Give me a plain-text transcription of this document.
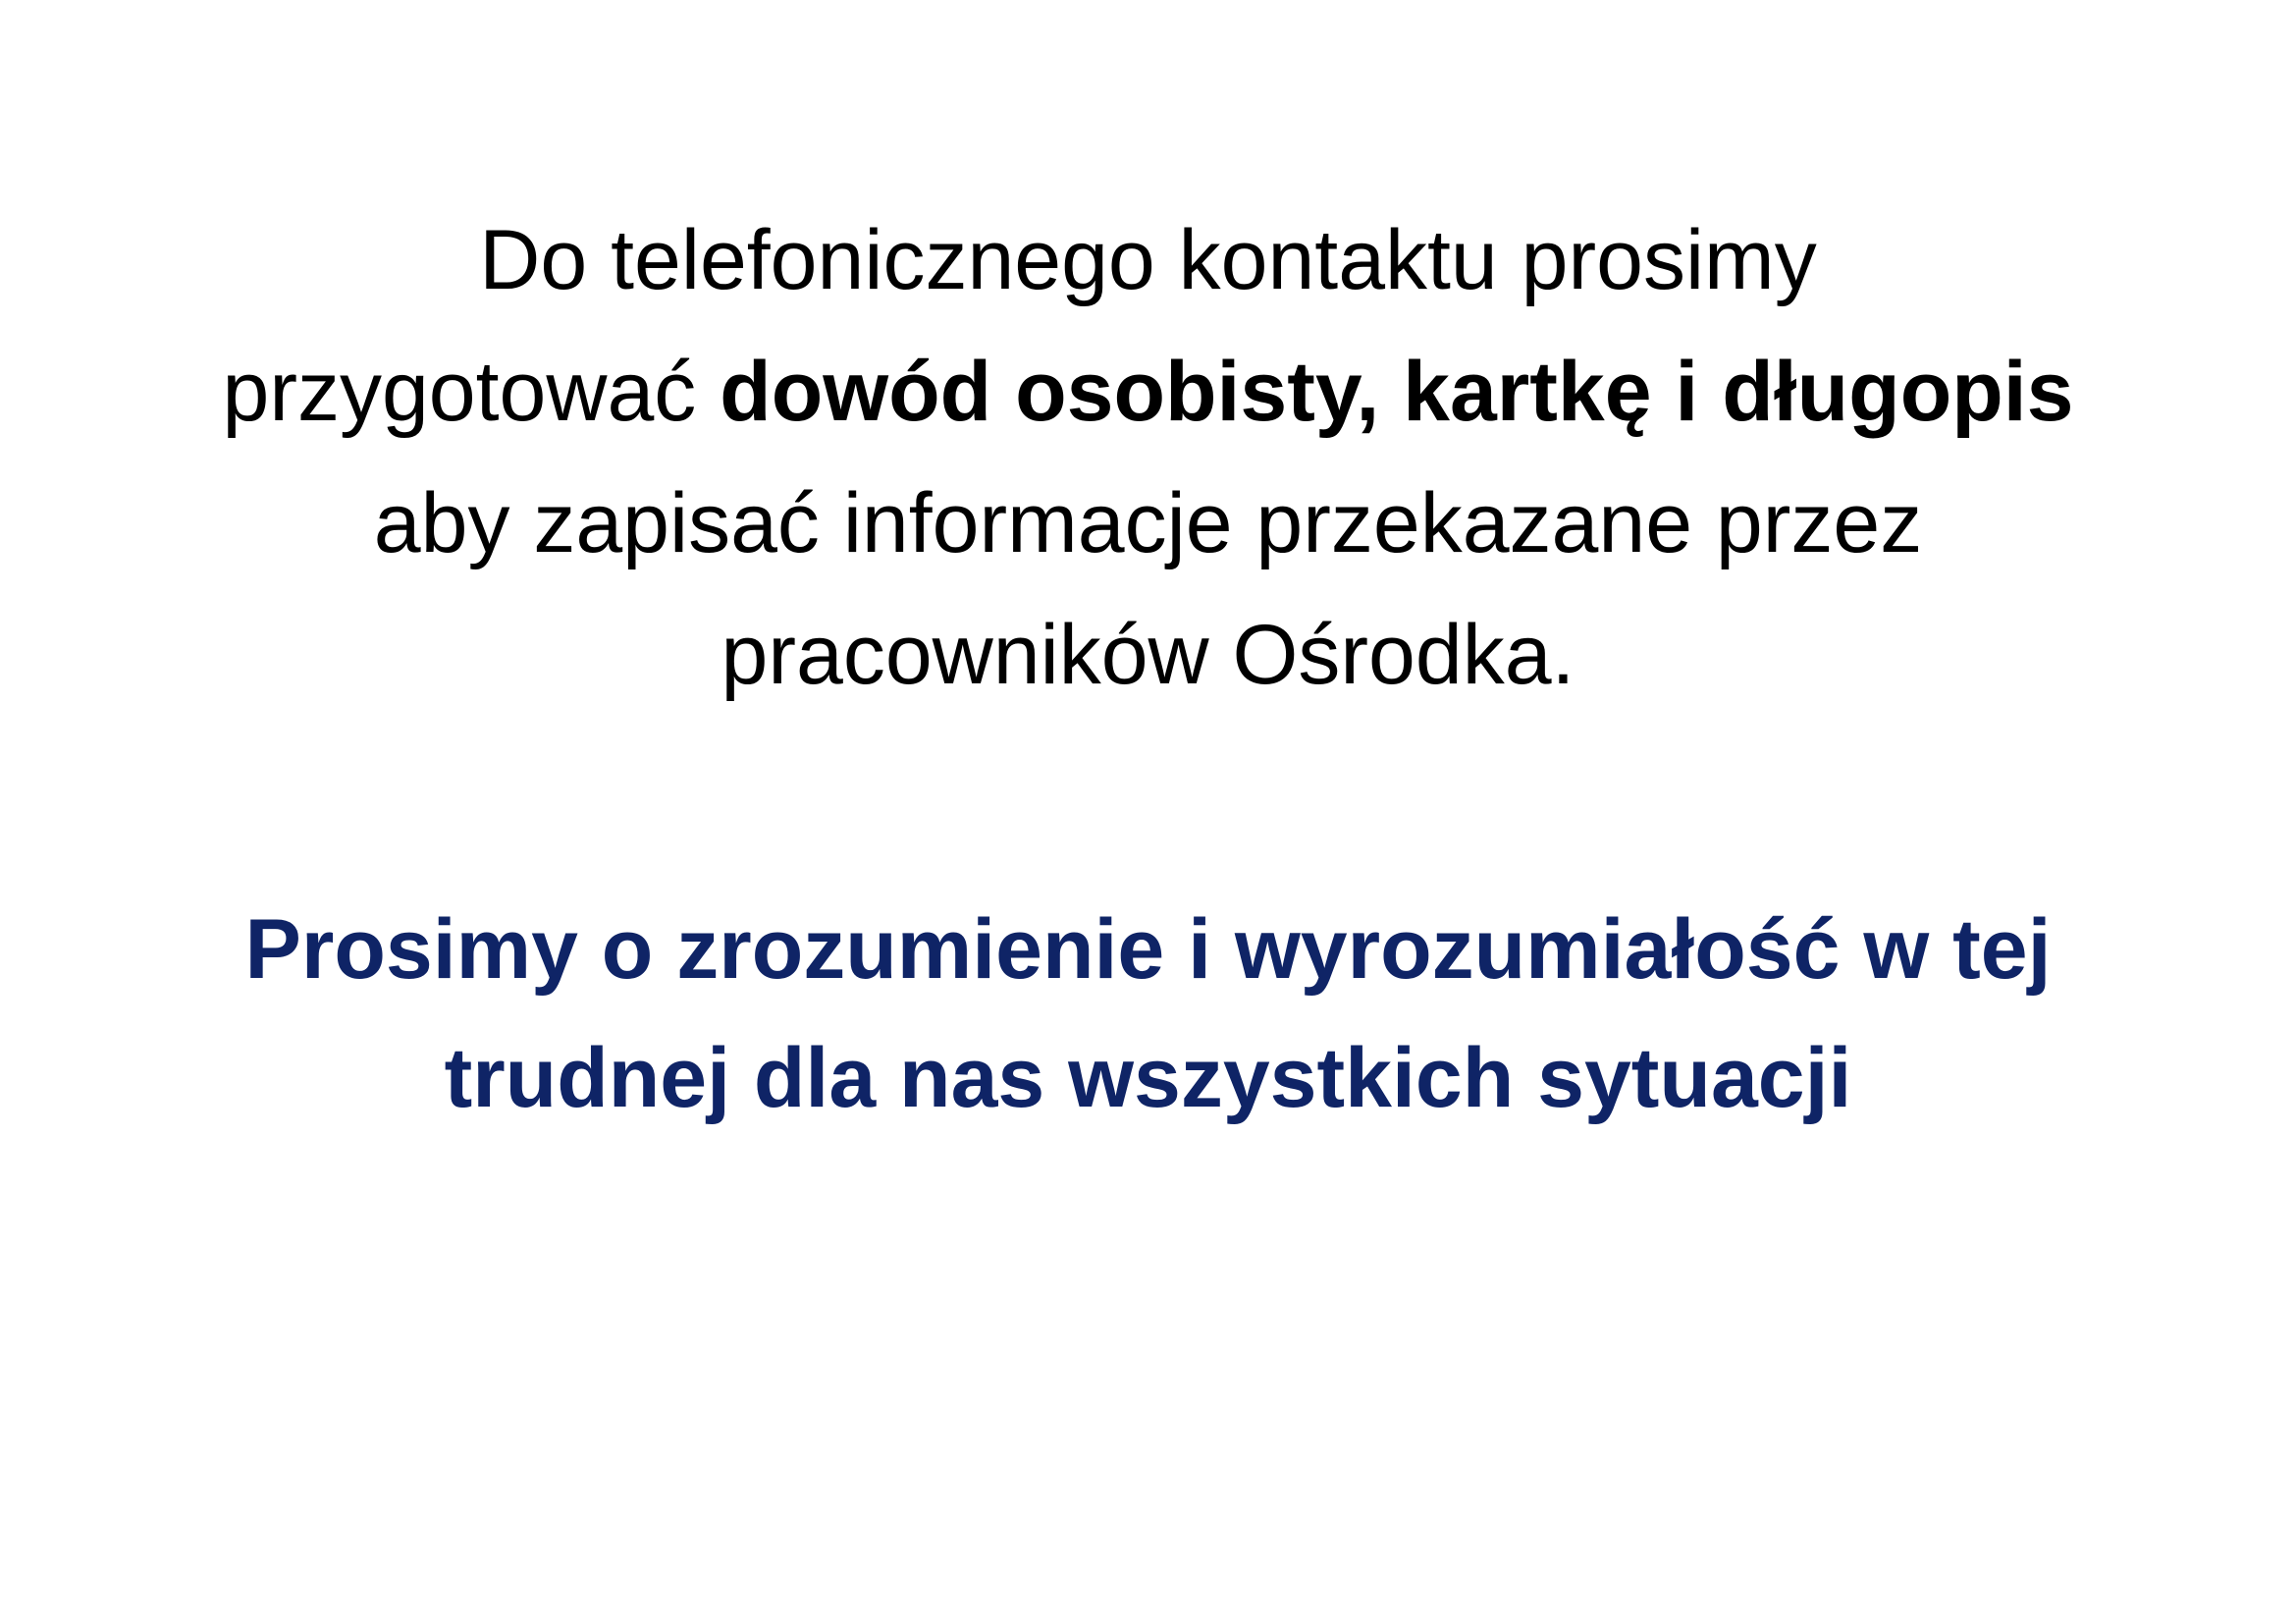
Do telefonicznego kontaktu prosimy
przygotować dowód osobisty, kartkę i długopis
aby zapisać informacje przekazane przez
pracowników Ośrodka.

Prosimy o zrozumienie i wyrozumiałość w tej
trudnej dla nas wszystkich sytuacji
